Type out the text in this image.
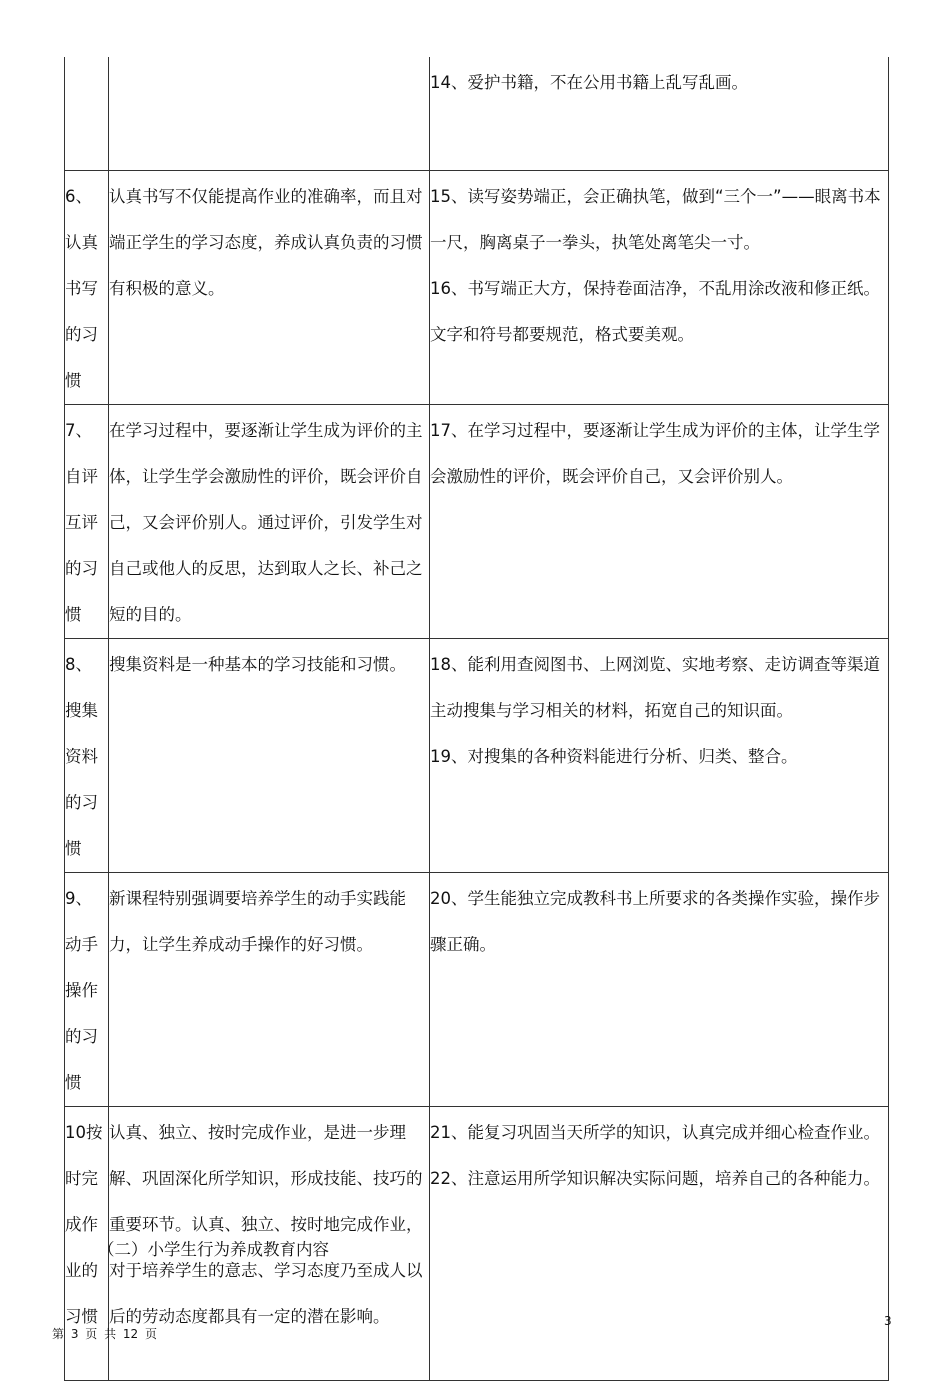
		14、爱护书籍，不在公用书籍上乱写乱画。

6、认真书写的习惯	认真书写不仅能提高作业的准确率，而且对端正学生的学习态度，养成认真负责的习惯有积极的意义。	15、读写姿势端正，会正确执笔，做到“三个一”——眼离书本一尺，胸离桌子一拳头，执笔处离笔尖一寸。

16、书写端正大方，保持卷面洁净，不乱用涂改液和修正纸。文字和符号都要规范，格式要美观。

7、自评互评的习惯	在学习过程中，要逐渐让学生成为评价的主体，让学生学会激励性的评价，既会评价自己，又会评价别人。通过评价，引发学生对自己或他人的反思，达到取人之长、补己之短的目的。	17、在学习过程中，要逐渐让学生成为评价的主体，让学生学会激励性的评价，既会评价自己，又会评价别人。

8、搜集资料的习惯	搜集资料是一种基本的学习技能和习惯。	18、能利用查阅图书、上网浏览、实地考察、走访调查等渠道主动搜集与学习相关的材料，拓宽自己的知识面。

19、对搜集的各种资料能进行分析、归类、整合。

9、动手操作的习惯	新课程特别强调要培养学生的动手实践能力，让学生养成动手操作的好习惯。	20、学生能独立完成教科书上所要求的各类操作实验，操作步骤正确。

10按时完成作业的习惯	认真、独立、按时完成作业，是进一步理解、巩固深化所学知识，形成技能、技巧的重要环节。认真、独立、按时地完成作业，对于培养学生的意志、学习态度乃至成人以后的劳动态度都具有一定的潜在影响。	21、能复习巩固当天所学的知识，认真完成并细心检查作业。

22、注意运用所学知识解决实际问题，培养自己的各种能力。

（二）小学生行为养成教育内容
3
第 3 页 共 12 页
